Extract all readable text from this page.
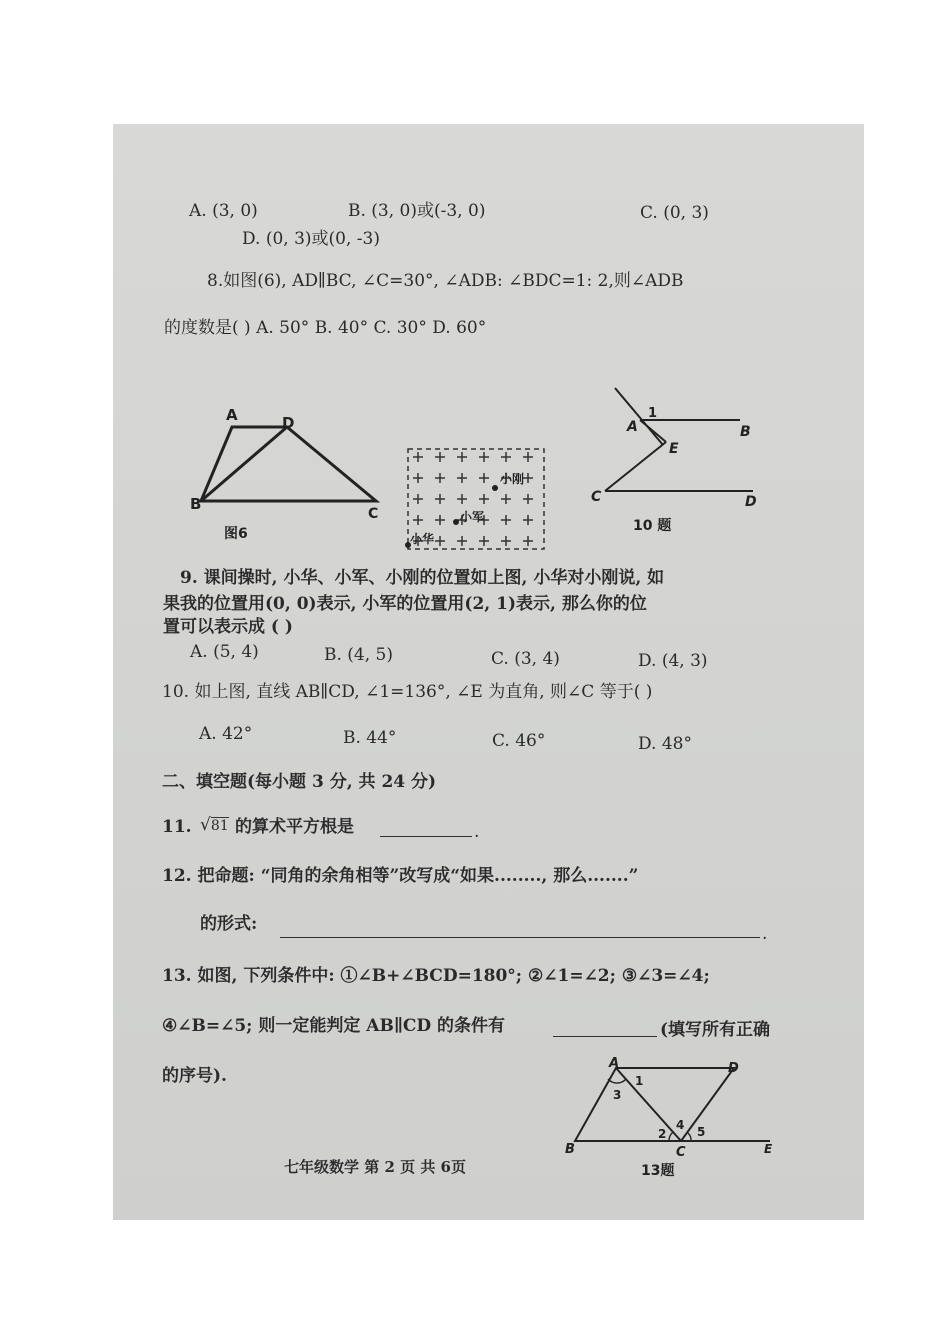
A. (3, 0)	B. (3, 0)或(-3, 0)	C. (0, 3)
D. (0, 3)或(0, -3)
8.如图(6), AD∥BC, ∠C=30°, ∠ADB: ∠BDC=1: 2,则∠ADB
的度数是( ) A. 50° B. 40° C. 30° D. 60°
A	D
B
C
图6
小刚
小军
小华
1
A	B
E
C	D
10 题
9. 课间操时, 小华、小军、小刚的位置如上图, 小华对小刚说, 如
果我的位置用(0, 0)表示, 小军的位置用(2, 1)表示, 那么你的位
置可以表示成 ( )
A. (5, 4)	B. (4, 5)	C. (3, 4)	D. (4, 3)
10. 如上图, 直线 AB∥CD, ∠1=136°, ∠E 为直角, 则∠C 等于( )
A. 42°	B. 44°	C. 46°	D. 48°
二、填空题(每小题 3 分, 共 24 分)
11. √81 的算术平方根是	.
12. 把命题: “同角的余角相等”改写成“如果........, 那么.......”
的形式:	.
13. 如图, 下列条件中: ①∠B+∠BCD=180°; ②∠1=∠2; ③∠3=∠4;
④∠B=∠5; 则一定能判定 AB∥CD 的条件有	(填写所有正确
的序号).
A	D
1
3
2
4 5
B	C	E
13题
七年级数学 第 2 页 共 6页
